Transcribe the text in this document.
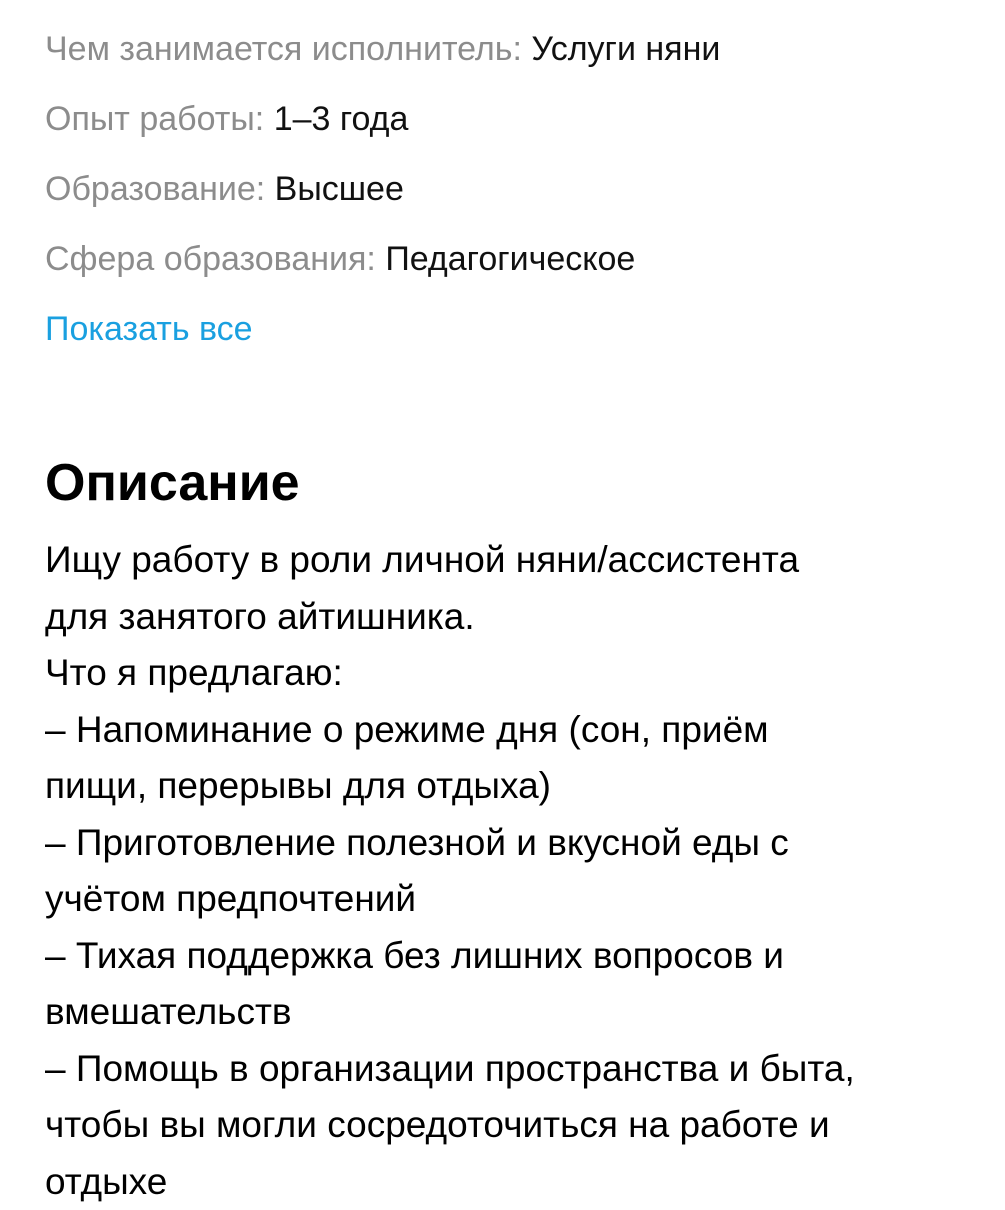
Чем занимается исполнитель: Услуги няни
Опыт работы: 1–3 года
Образование: Высшее
Сфера образования: Педагогическое
Показать все
Описание
Ищу работу в роли личной няни/ассистента
для занятого айтишника.
Что я предлагаю:
– Напоминание о режиме дня (сон, приём
пищи, перерывы для отдыха)
– Приготовление полезной и вкусной еды с
учётом предпочтений
– Тихая поддержка без лишних вопросов и
вмешательств
– Помощь в организации пространства и быта,
чтобы вы могли сосредоточиться на работе и
отдыхе
